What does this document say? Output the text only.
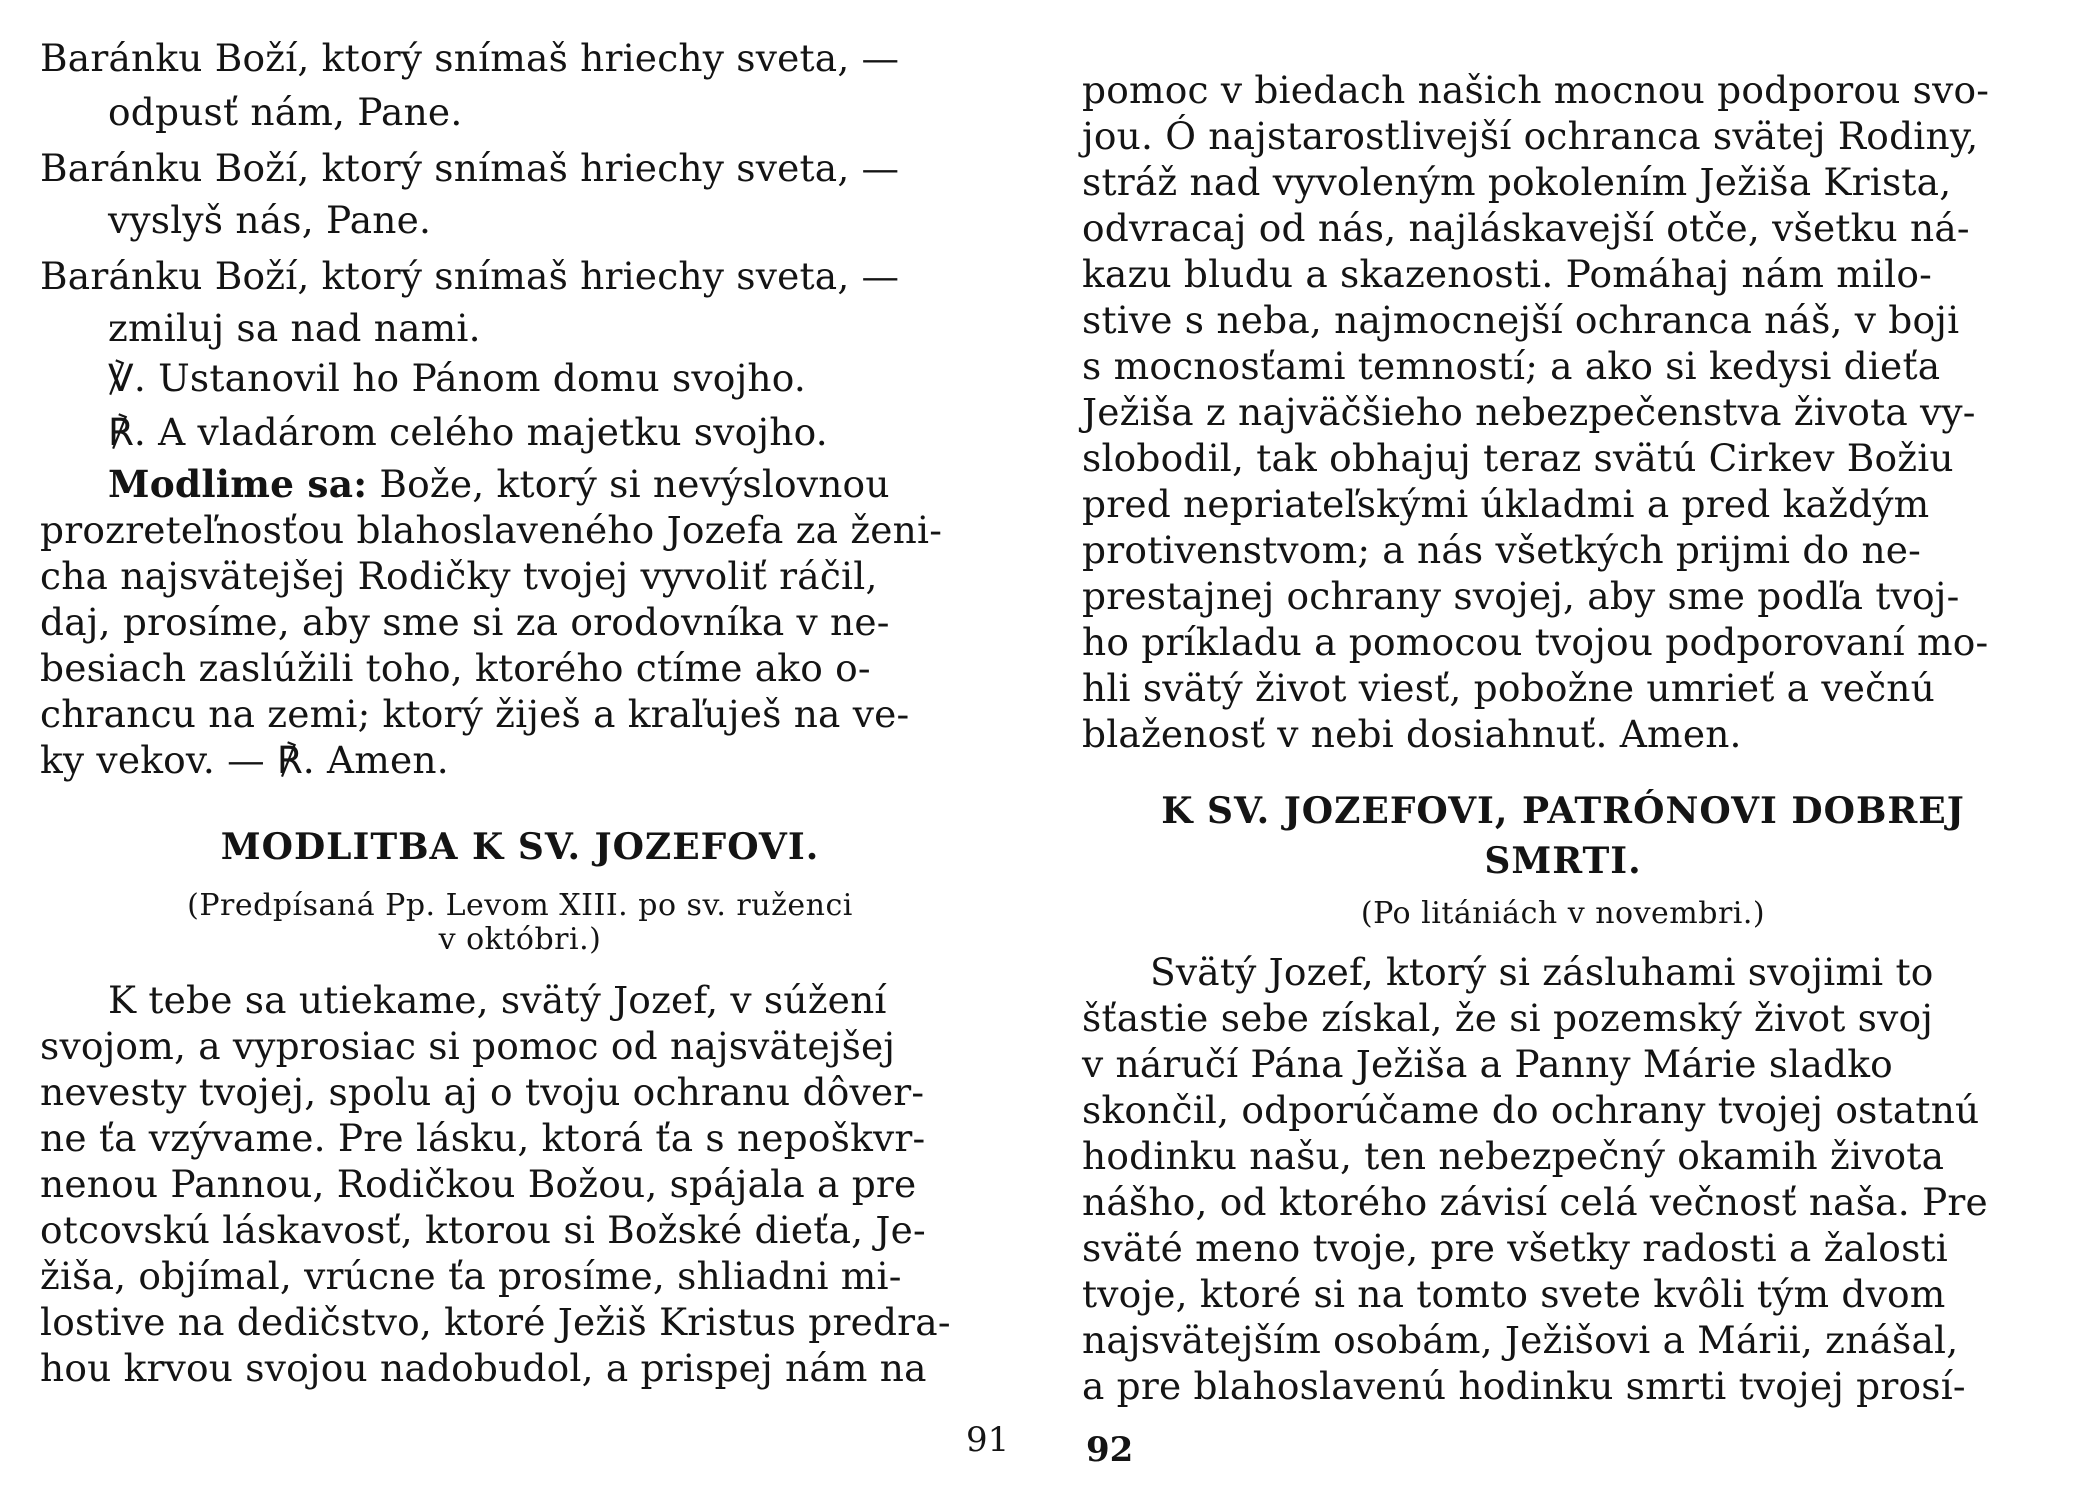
Baránku Boží, ktorý snímaš hriechy sveta, —
odpusť nám, Pane.
Baránku Boží, ktorý snímaš hriechy sveta, —
vyslyš nás, Pane.
Baránku Boží, ktorý snímaš hriechy sveta, —
zmiluj sa nad nami.
℣. Ustanovil ho Pánom domu svojho.
℟. A vladárom celého majetku svojho.
Modlime sa: Bože, ktorý si nevýslovnou
prozreteľnosťou blahoslaveného Jozefa za ženi-
cha najsvätejšej Rodičky tvojej vyvoliť ráčil,
daj, prosíme, aby sme si za orodovníka v ne-
besiach zaslúžili toho, ktorého ctíme ako o-
chrancu na zemi; ktorý žiješ a kraľuješ na ve-
ky vekov. — ℟. Amen.
MODLITBA K SV. JOZEFOVI.
(Predpísaná Pp. Levom XIII. po sv. ruženci
v októbri.)
K tebe sa utiekame, svätý Jozef, v súžení
svojom, a vyprosiac si pomoc od najsvätejšej
nevesty tvojej, spolu aj o tvoju ochranu dôver-
ne ťa vzývame. Pre lásku, ktorá ťa s nepoškvr-
nenou Pannou, Rodičkou Božou, spájala a pre
otcovskú láskavosť, ktorou si Božské dieťa, Je-
žiša, objímal, vrúcne ťa prosíme, shliadni mi-
lostive na dedičstvo, ktoré Ježiš Kristus predra-
hou krvou svojou nadobudol, a prispej nám na
91
pomoc v biedach našich mocnou podporou svo-
jou. Ó najstarostlivejší ochranca svätej Rodiny,
stráž nad vyvoleným pokolením Ježiša Krista,
odvracaj od nás, najláskavejší otče, všetku ná-
kazu bludu a skazenosti. Pomáhaj nám milo-
stive s neba, najmocnejší ochranca náš, v boji
s mocnosťami temností; a ako si kedysi dieťa
Ježiša z najväčšieho nebezpečenstva života vy-
slobodil, tak obhajuj teraz svätú Cirkev Božiu
pred nepriateľskými úkladmi a pred každým
protivenstvom; a nás všetkých prijmi do ne-
prestajnej ochrany svojej, aby sme podľa tvoj-
ho príkladu a pomocou tvojou podporovaní mo-
hli svätý život viesť, pobožne umrieť a večnú
blaženosť v nebi dosiahnuť. Amen.
K SV. JOZEFOVI, PATRÓNOVI DOBREJ
SMRTI.
(Po litániách v novembri.)
Svätý Jozef, ktorý si zásluhami svojimi to
šťastie sebe získal, že si pozemský život svoj
v náručí Pána Ježiša a Panny Márie sladko
skončil, odporúčame do ochrany tvojej ostatnú
hodinku našu, ten nebezpečný okamih života
nášho, od ktorého závisí celá večnosť naša. Pre
sväté meno tvoje, pre všetky radosti a žalosti
tvoje, ktoré si na tomto svete kvôli tým dvom
najsvätejším osobám, Ježišovi a Márii, znášal,
a pre blahoslavenú hodinku smrti tvojej prosí-
92
